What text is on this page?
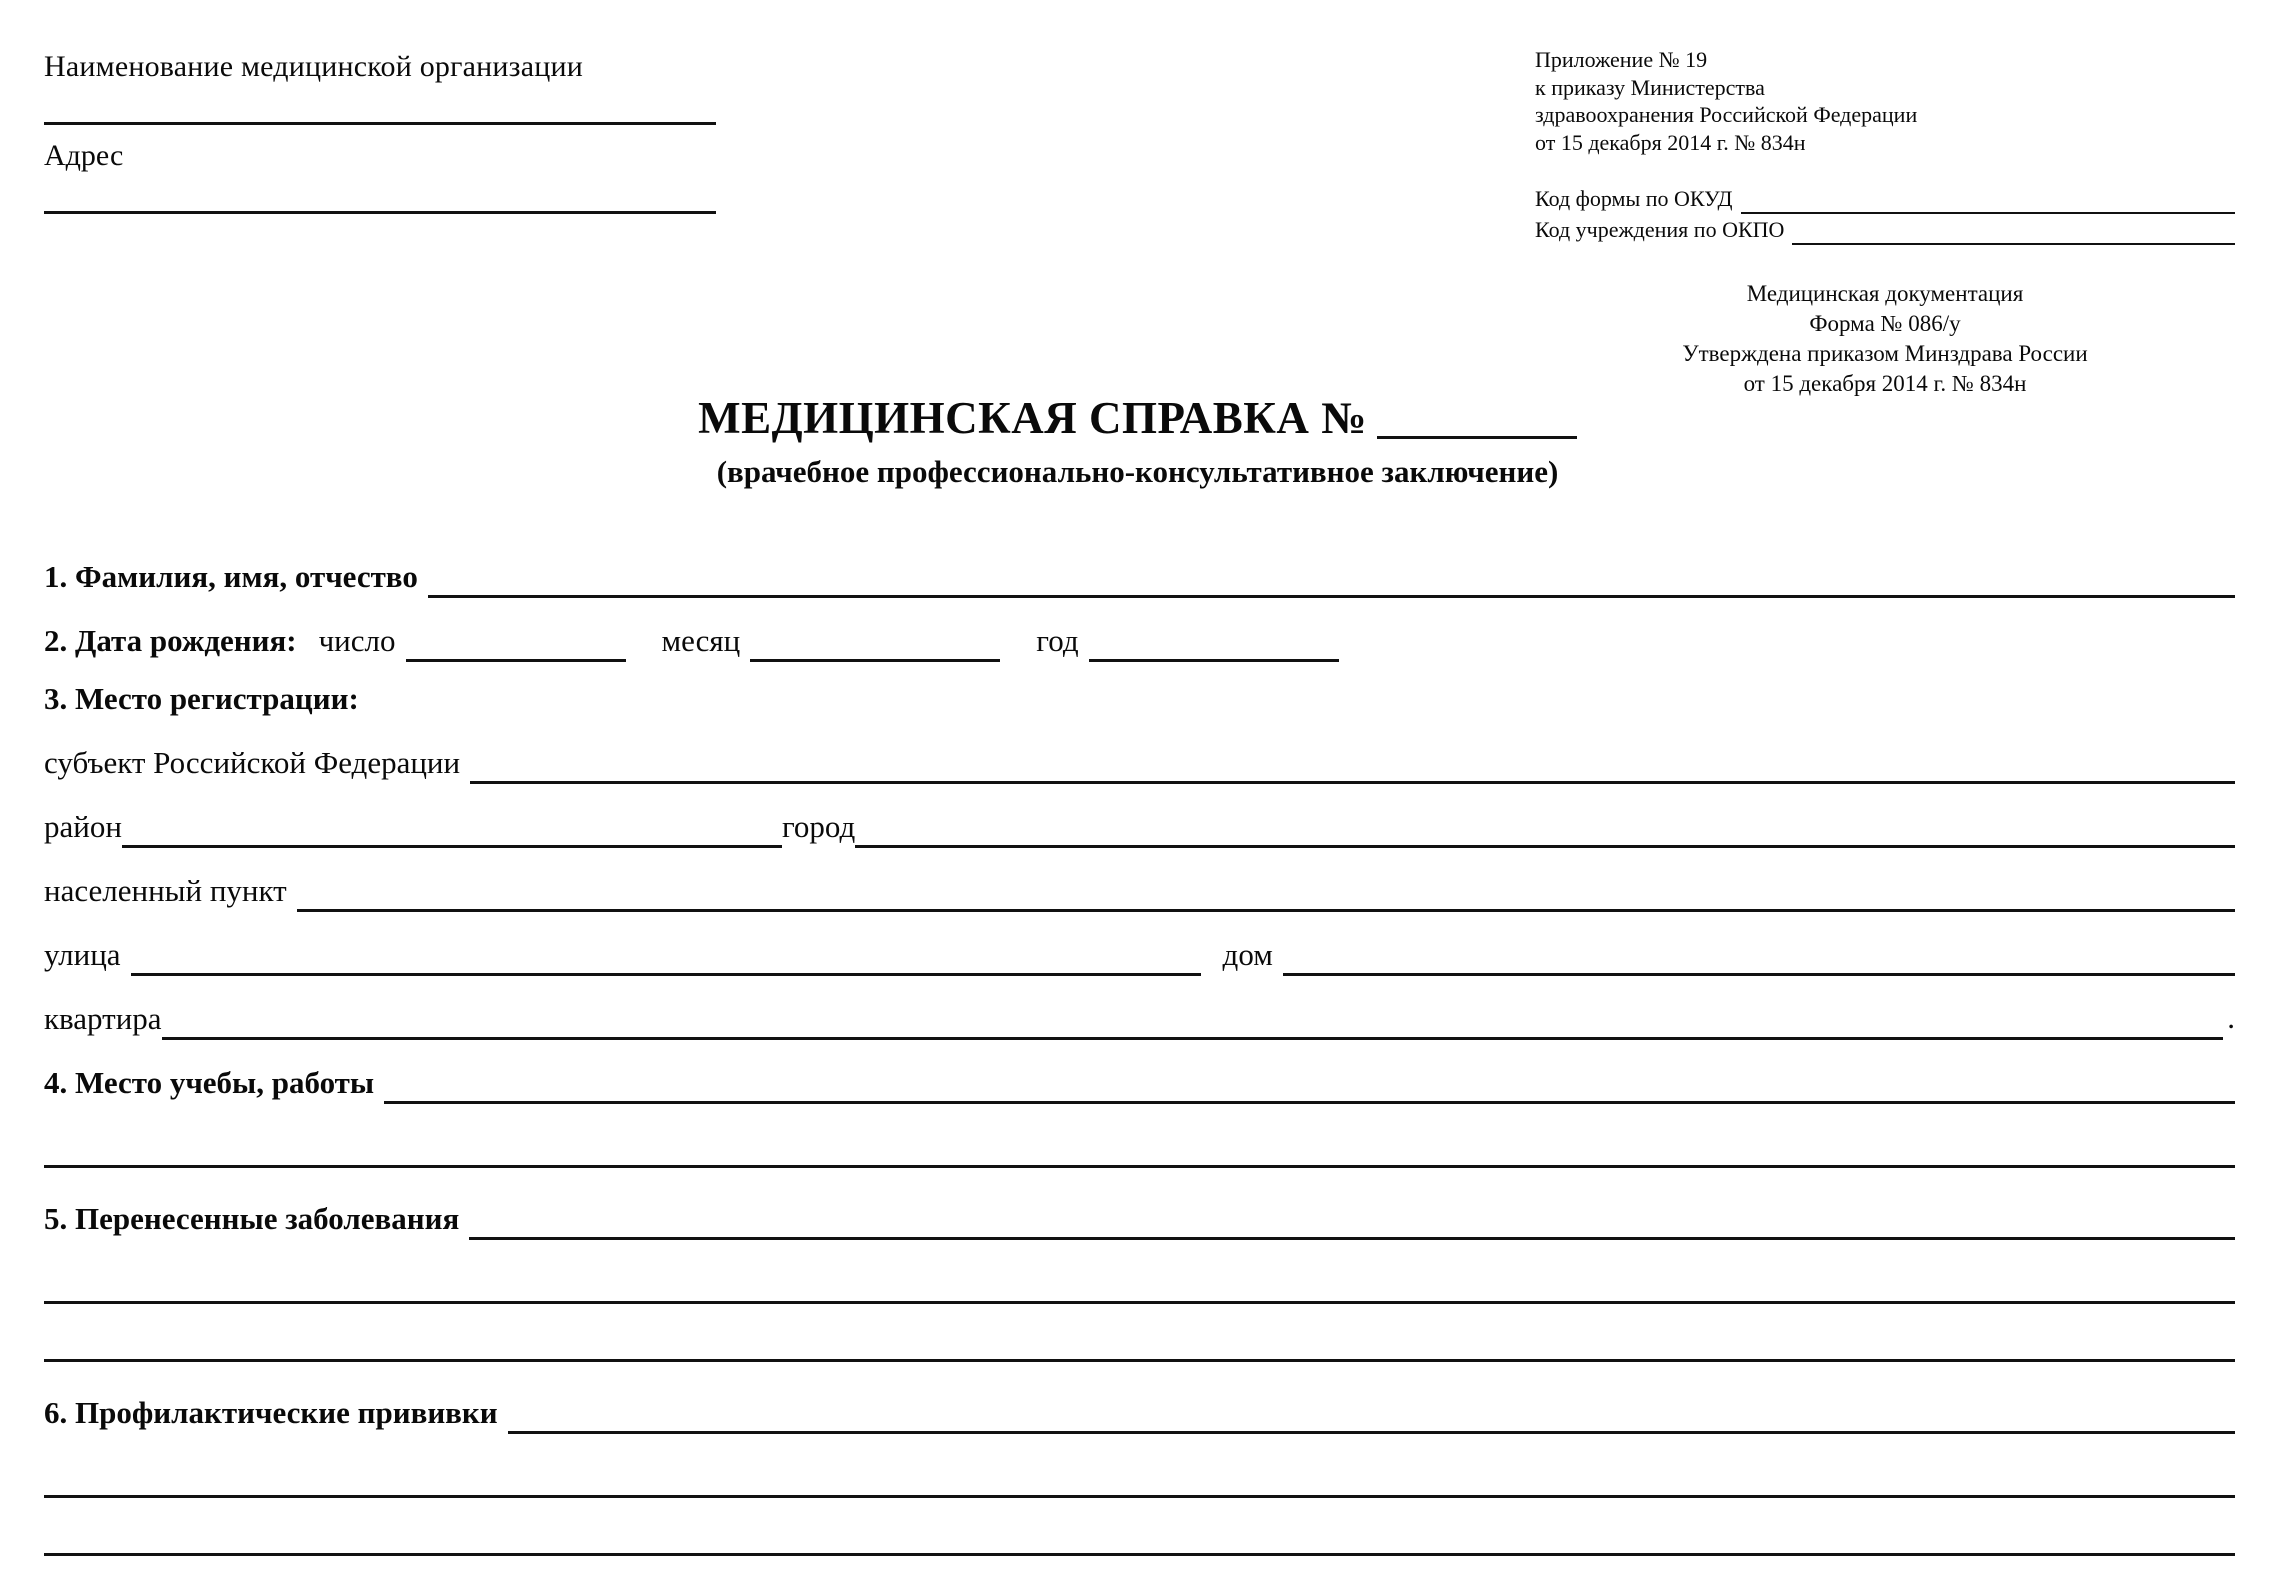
Наименование медицинской организации
Адрес
Приложение № 19
к приказу Министерства
здравоохранения Российской Федерации
от 15 декабря 2014 г. № 834н
Код формы по ОКУД
Код учреждения по ОКПО
Медицинская документация
Форма № 086/у
Утверждена приказом Минздрава России
от 15 декабря 2014 г. № 834н
МЕДИЦИНСКАЯ СПРАВКА №
(врачебное профессионально-консультативное заключение)
1. Фамилия, имя, отчество
2. Дата рождения: число	месяц	год
3. Место регистрации:
субъект Российской Федерации
район	город
населенный пункт
улица	дом
квартира	.
4. Место учебы, работы
5. Перенесенные заболевания
6. Профилактические прививки
